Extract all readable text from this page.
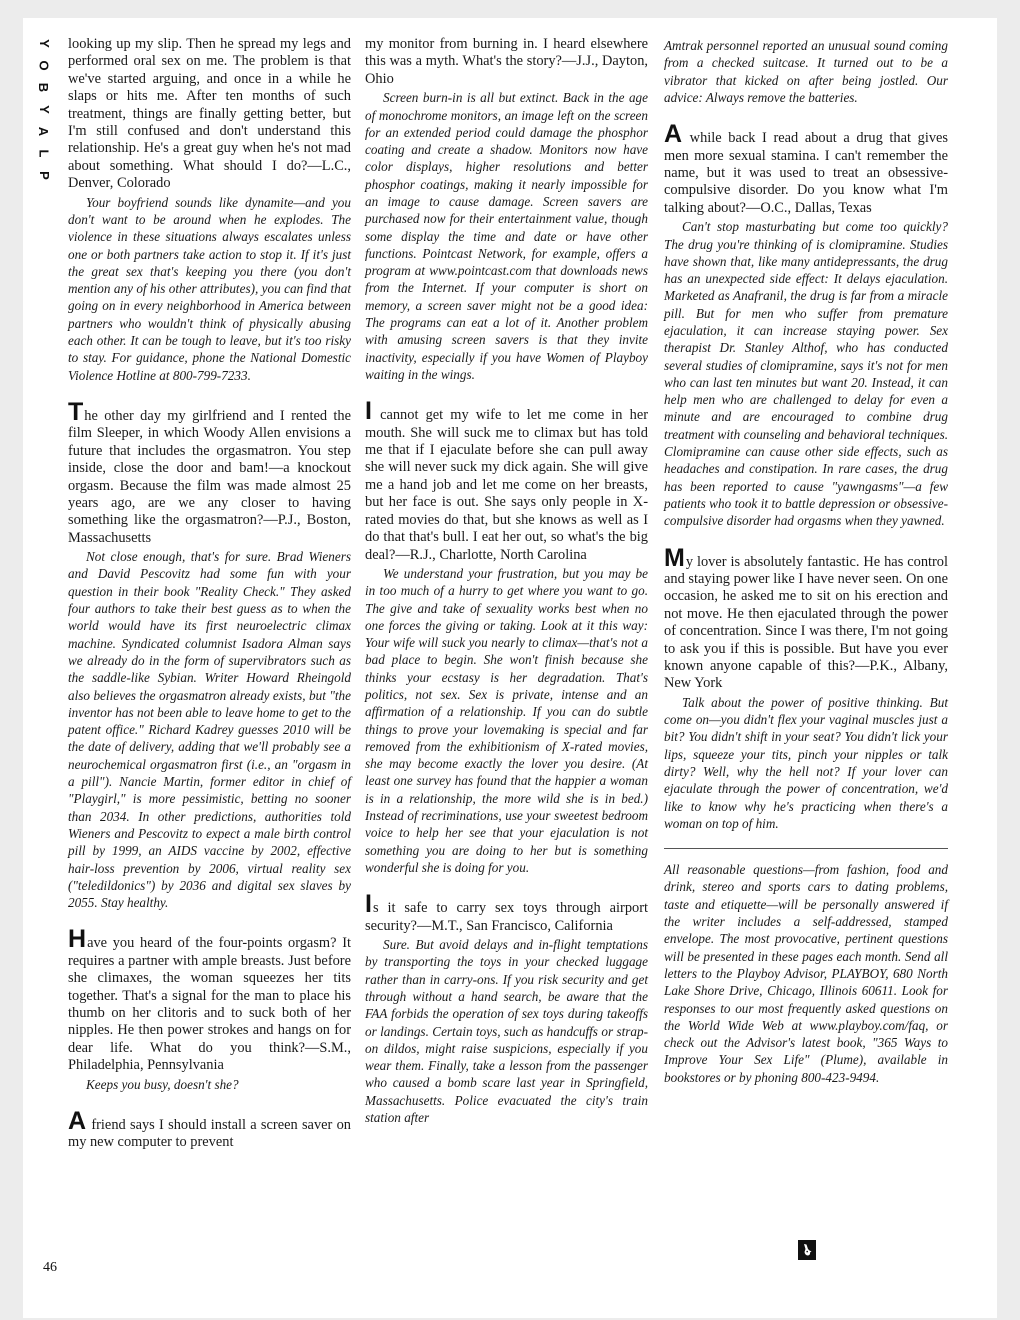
Y
O
B
Y
A
L
P

looking up my slip. Then he spread my legs and performed oral sex on me. The problem is that we've started arguing, and once in a while he slaps or hits me. After ten months of such treatment, things are finally getting better, but I'm still confused and don't understand this relationship. He's a great guy when he's not mad about something. What should I do?—L.C., Denver, Colorado

Your boyfriend sounds like dynamite—and you don't want to be around when he explodes. The violence in these situations always escalates unless one or both partners take action to stop it. If it's just the great sex that's keeping you there (you don't mention any of his other attributes), you can find that going on in every neighborhood in America between partners who wouldn't think of physically abusing each other. It can be tough to leave, but it's too risky to stay. For guidance, phone the National Domestic Violence Hotline at 800-799-7233.

The other day my girlfriend and I rented the film Sleeper, in which Woody Allen envisions a future that includes the orgasmatron. You step inside, close the door and bam!—a knockout orgasm. Because the film was made almost 25 years ago, are we any closer to having something like the orgasmatron?—P.J., Boston, Massachusetts

Not close enough, that's for sure. Brad Wieners and David Pescovitz had some fun with your question in their book "Reality Check." They asked four authors to take their best guess as to when the world would have its first neuroelectric climax machine. Syndicated columnist Isadora Alman says we already do in the form of supervibrators such as the saddle-like Sybian. Writer Howard Rheingold also believes the orgasmatron already exists, but "the inventor has not been able to leave home to get to the patent office." Richard Kadrey guesses 2010 will be the date of delivery, adding that we'll probably see a neurochemical orgasmatron first (i.e., an "orgasm in a pill"). Nancie Martin, former editor in chief of "Playgirl," is more pessimistic, betting no sooner than 2034. In other predictions, authorities told Wieners and Pescovitz to expect a male birth control pill by 1999, an AIDS vaccine by 2002, effective hair-loss prevention by 2006, virtual reality sex ("teledildonics") by 2036 and digital sex slaves by 2055. Stay healthy.

Have you heard of the four-points orgasm? It requires a partner with ample breasts. Just before she climaxes, the woman squeezes her tits together. That's a signal for the man to place his thumb on her clitoris and to suck both of her nipples. He then power strokes and hangs on for dear life. What do you think?—S.M., Philadelphia, Pennsylvania

Keeps you busy, doesn't she?

A friend says I should install a screen saver on my new computer to prevent

my monitor from burning in. I heard elsewhere this was a myth. What's the story?—J.J., Dayton, Ohio

Screen burn-in is all but extinct. Back in the age of monochrome monitors, an image left on the screen for an extended period could damage the phosphor coating and create a shadow. Monitors now have color displays, higher resolutions and better phosphor coatings, making it nearly impossible for an image to cause damage. Screen savers are purchased now for their entertainment value, though some display the time and date or have other functions. Pointcast Network, for example, offers a program at www.pointcast.com that downloads news from the Internet. If your computer is short on memory, a screen saver might not be a good idea: The programs can eat a lot of it. Another problem with amusing screen savers is that they invite inactivity, especially if you have Women of Playboy waiting in the wings.

I cannot get my wife to let me come in her mouth. She will suck me to climax but has told me that if I ejaculate before she can pull away she will never suck my dick again. She will give me a hand job and let me come on her breasts, but her face is out. She says only people in X-rated movies do that, but she knows as well as I do that that's bull. I eat her out, so what's the big deal?—R.J., Charlotte, North Carolina

We understand your frustration, but you may be in too much of a hurry to get where you want to go. The give and take of sexuality works best when no one forces the giving or taking. Look at it this way: Your wife will suck you nearly to climax—that's not a bad place to begin. She won't finish because she thinks your ecstasy is her degradation. That's politics, not sex. Sex is private, intense and an affirmation of a relationship. If you can do subtle things to prove your lovemaking is special and far removed from the exhibitionism of X-rated movies, she may become exactly the lover you desire. (At least one survey has found that the happier a woman is in a relationship, the more wild she is in bed.) Instead of recriminations, use your sweetest bedroom voice to help her see that your ejaculation is not something you are doing to her but is something wonderful she is doing for you.

Is it safe to carry sex toys through airport security?—M.T., San Francisco, California

Sure. But avoid delays and in-flight temptations by transporting the toys in your checked luggage rather than in carry-ons. If you risk security and get through without a hand search, be aware that the FAA forbids the operation of sex toys during takeoffs or landings. Certain toys, such as handcuffs or strap-on dildos, might raise suspicions, especially if you wear them. Finally, take a lesson from the passenger who caused a bomb scare last year in Springfield, Massachusetts. Police evacuated the city's train station after

Amtrak personnel reported an unusual sound coming from a checked suitcase. It turned out to be a vibrator that kicked on after being jostled. Our advice: Always remove the batteries.

A while back I read about a drug that gives men more sexual stamina. I can't remember the name, but it was used to treat an obsessive-compulsive disorder. Do you know what I'm talking about?—O.C., Dallas, Texas

Can't stop masturbating but come too quickly? The drug you're thinking of is clomipramine. Studies have shown that, like many antidepressants, the drug has an unexpected side effect: It delays ejaculation. Marketed as Anafranil, the drug is far from a miracle pill. But for men who suffer from premature ejaculation, it can increase staying power. Sex therapist Dr. Stanley Althof, who has conducted several studies of clomipramine, says it's not for men who can last ten minutes but want 20. Instead, it can help men who are challenged to delay for even a minute and are encouraged to combine drug treatment with counseling and behavioral techniques. Clomipramine can cause other side effects, such as headaches and constipation. In rare cases, the drug has been reported to cause "yawngasms"—a few patients who took it to battle depression or obsessive-compulsive disorder had orgasms when they yawned.

My lover is absolutely fantastic. He has control and staying power like I have never seen. On one occasion, he asked me to sit on his erection and not move. He then ejaculated through the power of concentration. Since I was there, I'm not going to ask you if this is possible. But have you ever known anyone capable of this?—P.K., Albany, New York

Talk about the power of positive thinking. But come on—you didn't flex your vaginal muscles just a bit? You didn't shift in your seat? You didn't lick your lips, squeeze your tits, pinch your nipples or talk dirty? Well, why the hell not? If your lover can ejaculate through the power of concentration, we'd like to know why he's practicing when there's a woman on top of him.

All reasonable questions—from fashion, food and drink, stereo and sports cars to dating problems, taste and etiquette—will be personally answered if the writer includes a self-addressed, stamped envelope. The most provocative, pertinent questions will be presented in these pages each month. Send all letters to the Playboy Advisor, PLAYBOY, 680 North Lake Shore Drive, Chicago, Illinois 60611. Look for responses to our most frequently asked questions on the World Wide Web at www.playboy.com/faq, or check out the Advisor's latest book, "365 Ways to Improve Your Sex Life" (Plume), available in bookstores or by phoning 800-423-9494.

46
